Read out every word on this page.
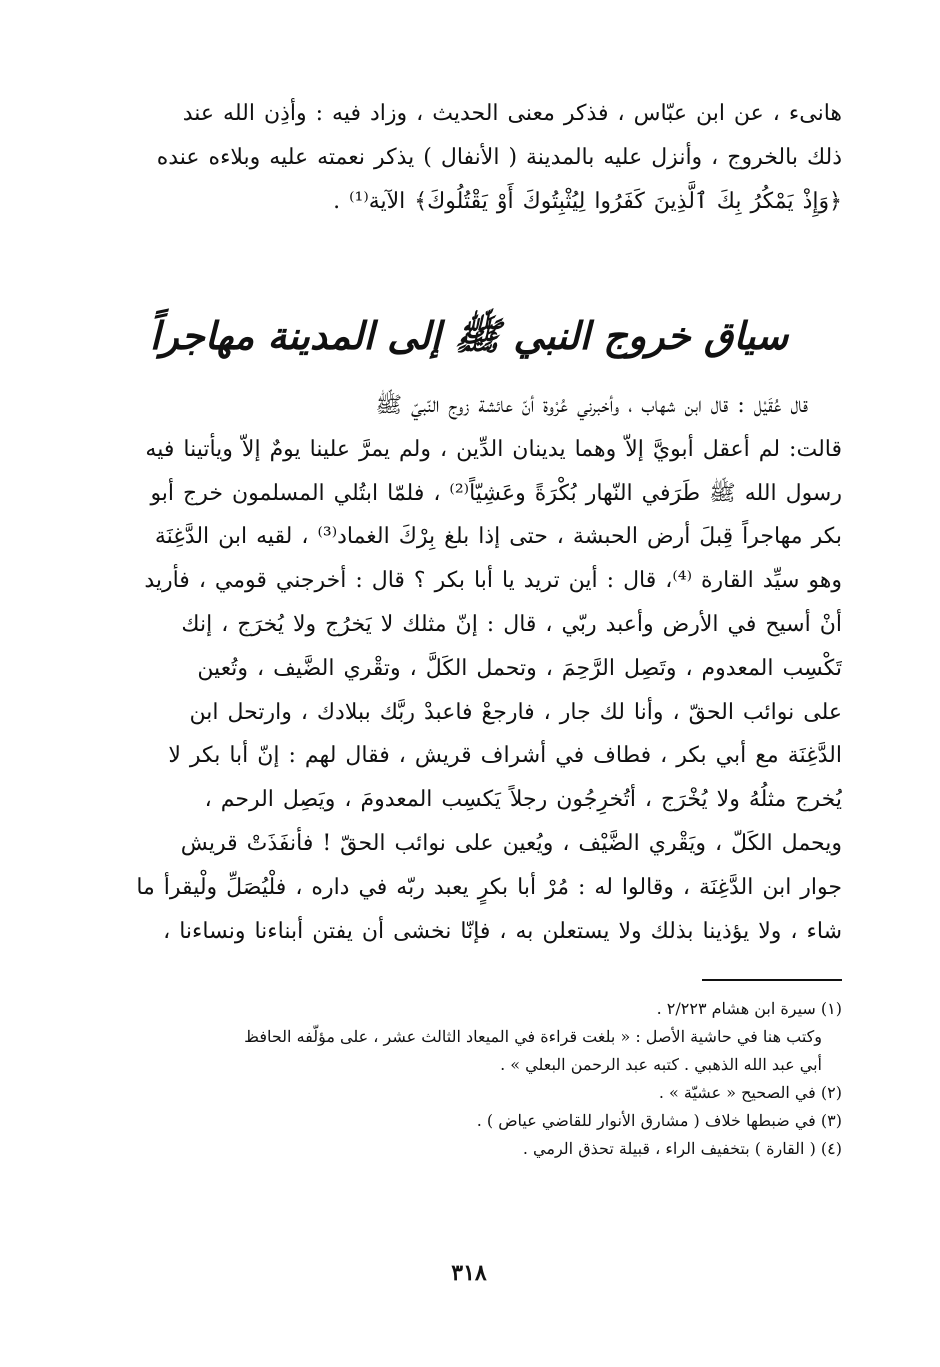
هانىء ، عن ابن عبّاس ، فذكر معنى الحديث ، وزاد فيه : وأذِن الله عند
ذلك بالخروج ، وأنزل عليه بالمدينة ( الأنفال ) يذكر نعمته عليه وبلاءه عنده
﴿وَإِذْ يَمْكُرُ بِكَ ٱلَّذِينَ كَفَرُوا لِيُثْبِتُوكَ أَوْ يَقْتُلُوكَ﴾ الآية⁽¹⁾ .
سياق خروج النبي ﷺ إلى المدينة مهاجراً
قال عُقَيْل : قال ابن شهاب ، وأخبرني عُرْوة أنّ عائشة زوج النّبيّ ﷺ
قالت: لم أعقل أبويَّ إلاّ وهما يدينان الدِّين ، ولم يمرَّ علينا يومٌ إلاّ ويأتينا فيه
رسول الله ﷺ طَرَفي النّهار بُكْرَةً وعَشِيّاً⁽²⁾ ، فلمّا ابتُلي المسلمون خرج أبو
بكر مهاجراً قِبلَ أرض الحبشة ، حتى إذا بلغ بِرْكَ الغماد⁽³⁾ ، لقيه ابن الدَّغِنَة
وهو سيِّد القارة ⁽⁴⁾، قال : أين تريد يا أبا بكر ؟ قال : أخرجني قومي ، فأريد
أنْ أسيح في الأرض وأعبد ربّي ، قال : إنّ مثلك لا يَخرُج ولا يُخرَج ، إنك
تَكْسِب المعدوم ، وتَصِل الرَّحِمَ ، وتحمل الكَلَّ ، وتقْري الضَّيف ، وتُعين
على نوائب الحقّ ، وأنا لك جار ، فارجعْ فاعبدْ ربَّك ببلادك ، وارتحل ابن
الدَّغِنَة مع أبي بكر ، فطاف في أشراف قريش ، فقال لهم : إنّ أبا بكر لا
يُخرج مثلُهُ ولا يُخْرَج ، أتُخرِجُون رجلاً يَكسِب المعدومَ ، ويَصِل الرحم ،
ويحمل الكَلّ ، ويَقْري الضَّيْف ، ويُعين على نوائب الحقّ ! فأنفَذَتْ قريش
جوار ابن الدَّغِنَة ، وقالوا له : مُرْ أبا بكرٍ يعبد ربّه في داره ، فلْيُصَلِّ ولْيقرأ ما
شاء ، ولا يؤذينا بذلك ولا يستعلن به ، فإنّا نخشى أن يفتن أبناءنا ونساءنا ،

(١) سيرة ابن هشام ٢/٢٢٣ .

وكتب هنا في حاشية الأصل : « بلغت قراءة في الميعاد الثالث عشر ، على مؤلّفه الحافظ

أبي عبد الله الذهبي . كتبه عبد الرحمن البعلي » .

(٢) في الصحيح « عشيّة » .

(٣) في ضبطها خلاف ( مشارق الأنوار للقاضي عياض ) .

(٤) ( القارة ) بتخفيف الراء ، قبيلة تحذق الرمي .

٣١٨
